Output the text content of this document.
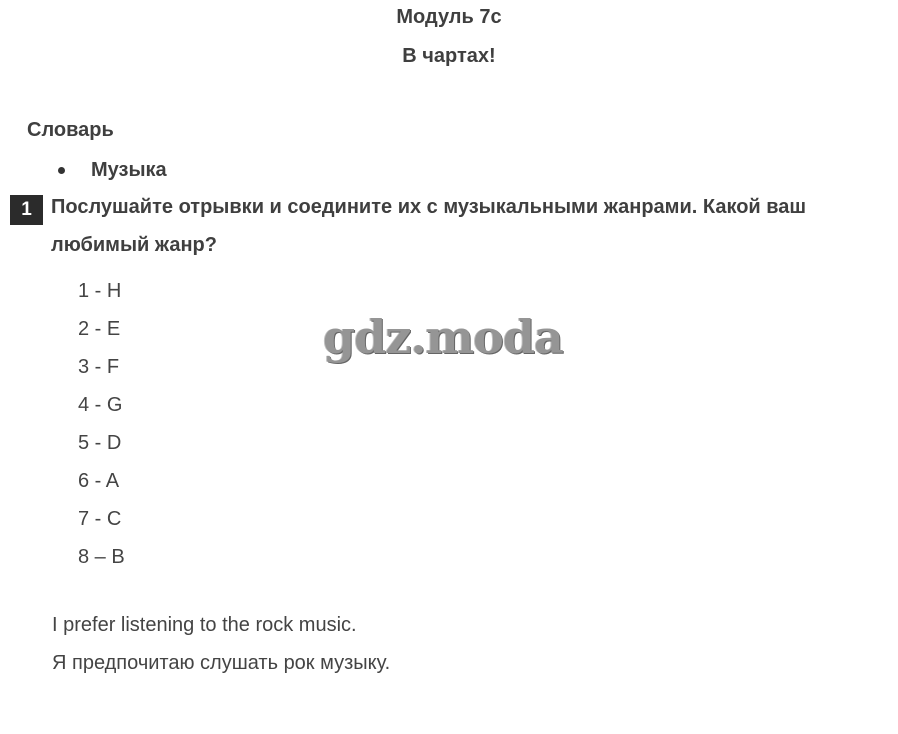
Модуль 7c
В чартах!
Словарь
Музыка
1 Послушайте отрывки и соедините их с музыкальными жанрами. Какой ваш любимый жанр?
1 - H
2 - E
3 - F
4 - G
5 - D
6 - A
7 - C
8 – B
gdz.moda
I prefer listening to the rock music.
Я предпочитаю слушать рок музыку.
